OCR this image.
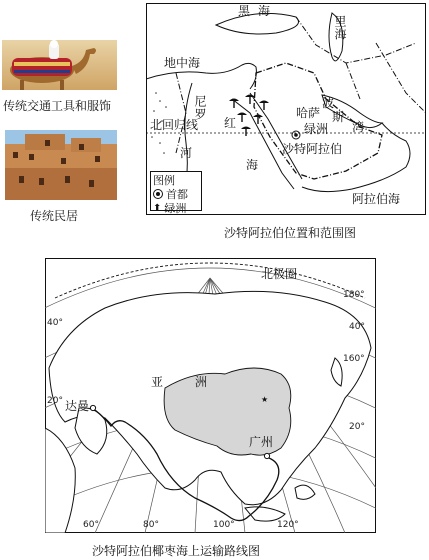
传统交通工具和服饰
传统民居
黑海
里海
地中海
尼罗
北回归线
河
红
海
波
斯
湾
哈萨
绿洲
沙特阿拉伯
阿拉伯海
图例
首都
⬆ 绿洲
沙特阿拉伯位置和范围图
★
北极圈
亚	洲
达曼
广州
180°
40°
160°
20°
40°
20°
60°	80°	100°	120°
沙特阿拉伯椰枣海上运输路线图
